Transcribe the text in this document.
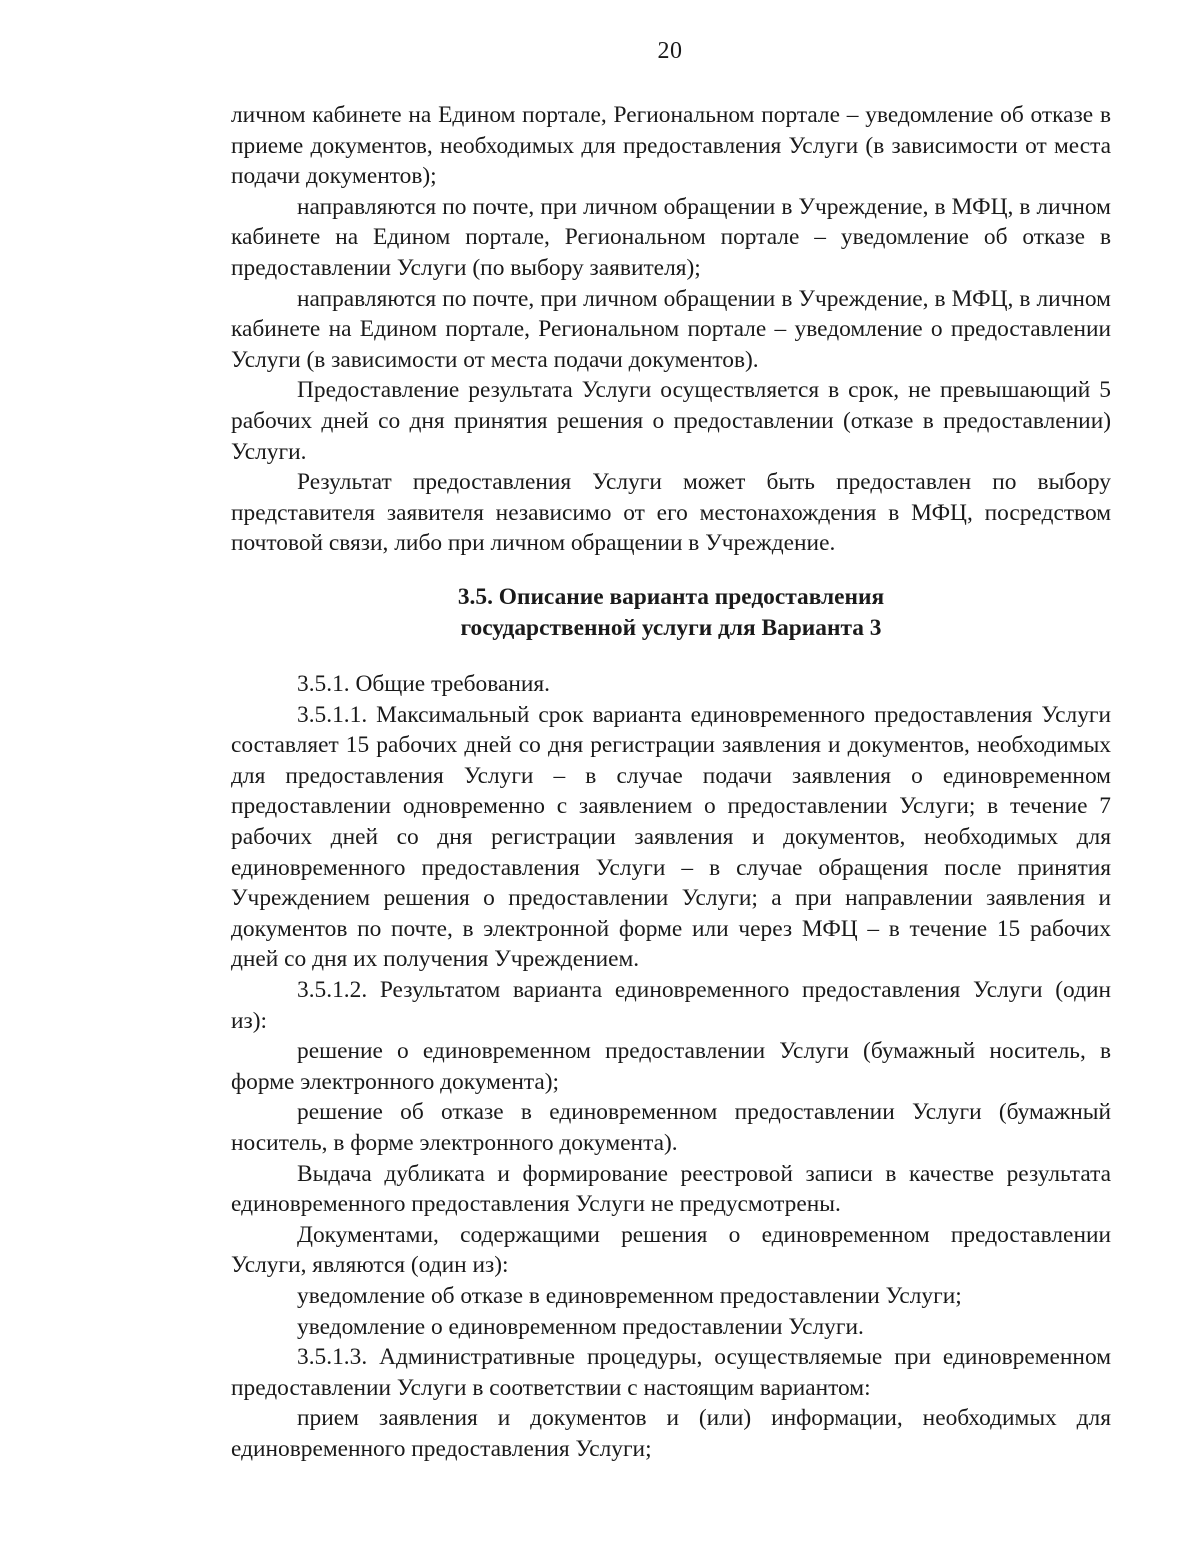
20

личном кабинете на Едином портале, Региональном портале – уведомление об отказе в приеме документов, необходимых для предоставления Услуги (в зависимости от места подачи документов);

направляются по почте, при личном обращении в Учреждение, в МФЦ, в личном кабинете на Едином портале, Региональном портале – уведомление об отказе в предоставлении Услуги (по выбору заявителя);

направляются по почте, при личном обращении в Учреждение, в МФЦ, в личном кабинете на Едином портале, Региональном портале – уведомление о предоставлении Услуги (в зависимости от места подачи документов).

Предоставление результата Услуги осуществляется в срок, не превышающий 5 рабочих дней со дня принятия решения о предоставлении (отказе в предоставлении) Услуги.

Результат предоставления Услуги может быть предоставлен по выбору представителя заявителя независимо от его местонахождения в МФЦ, посредством почтовой связи, либо при личном обращении в Учреждение.

3.5. Описание варианта предоставления
государственной услуги для Варианта 3

3.5.1. Общие требования.

3.5.1.1. Максимальный срок варианта единовременного предоставления Услуги составляет 15 рабочих дней со дня регистрации заявления и документов, необходимых для предоставления Услуги – в случае подачи заявления о единовременном предоставлении одновременно с заявлением о предоставлении Услуги; в течение 7 рабочих дней со дня регистрации заявления и документов, необходимых для единовременного предоставления Услуги – в случае обращения после принятия Учреждением решения о предоставлении Услуги; а при направлении заявления и документов по почте, в электронной форме или через МФЦ – в течение 15 рабочих дней со дня их получения Учреждением.

3.5.1.2. Результатом варианта единовременного предоставления Услуги (один из):

решение о единовременном предоставлении Услуги (бумажный носитель, в форме электронного документа);

решение об отказе в единовременном предоставлении Услуги (бумажный носитель, в форме электронного документа).

Выдача дубликата и формирование реестровой записи в качестве результата единовременного предоставления Услуги не предусмотрены.

Документами, содержащими решения о единовременном предоставлении Услуги, являются (один из):

уведомление об отказе в единовременном предоставлении Услуги;

уведомление о единовременном предоставлении Услуги.

3.5.1.3. Административные процедуры, осуществляемые при единовременном предоставлении Услуги в соответствии с настоящим вариантом:

прием заявления и документов и (или) информации, необходимых для единовременного предоставления Услуги;
